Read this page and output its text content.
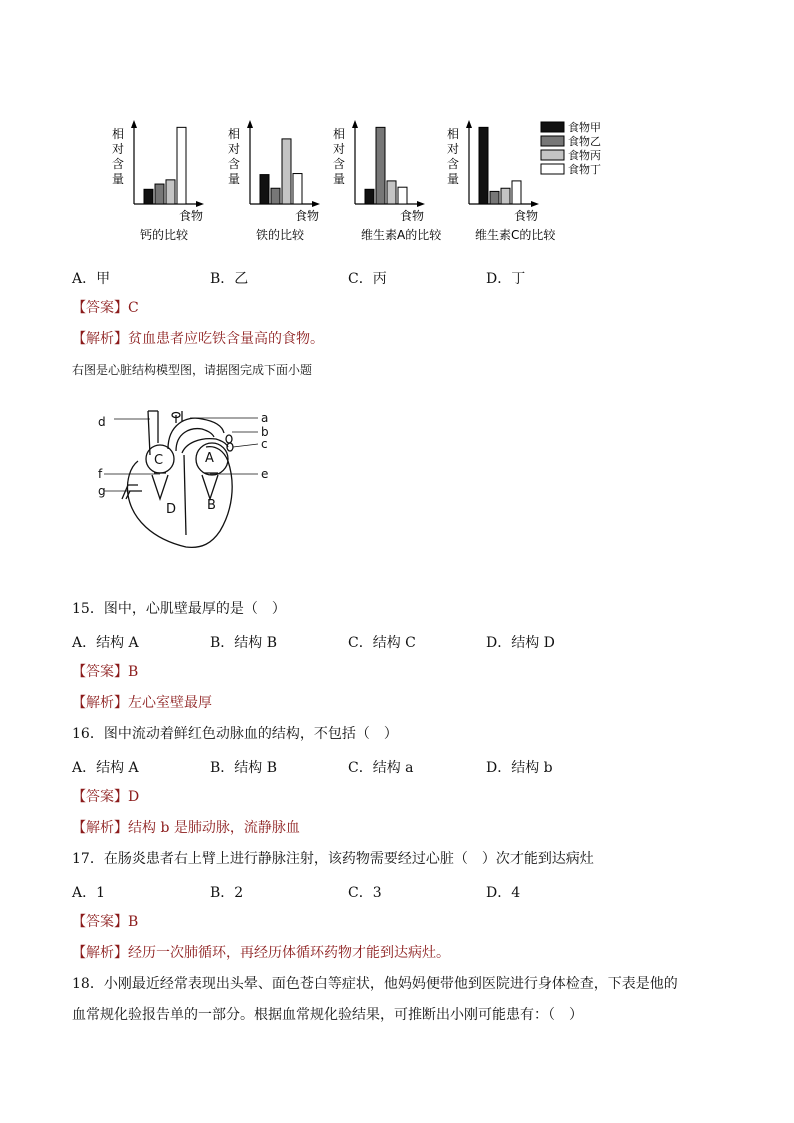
相
对
含
量
食物
钙的比较
相
对
含
量
食物
铁的比较
相
对
含
量
食物
维生素A的比较
相
对
含
量
食物
维生素C的比较
食物甲
食物乙
食物丙
食物丁
A．甲	B．乙	C．丙	D．丁
【答案】C
【解析】贫血患者应吃铁含量高的食物。
右图是心脏结构模型图，请据图完成下面小题
d	a
b
c
f	e
g
C	A
D B
15．图中，心肌壁最厚的是（　）
A．结构 A	B．结构 B	C．结构 C	D．结构 D
【答案】B
【解析】左心室壁最厚
16．图中流动着鲜红色动脉血的结构，不包括（　）
A．结构 A	B．结构 B	C．结构 a	D．结构 b
【答案】D
【解析】结构 b 是肺动脉，流静脉血
17．在肠炎患者右上臂上进行静脉注射，该药物需要经过心脏（　）次才能到达病灶
A．1	B．2	C．3	D．4
【答案】B
【解析】经历一次肺循环，再经历体循环药物才能到达病灶。
18．小刚最近经常表现出头晕、面色苍白等症状，他妈妈便带他到医院进行身体检查，下表是他的
血常规化验报告单的一部分。根据血常规化验结果，可推断出小刚可能患有：（　）
